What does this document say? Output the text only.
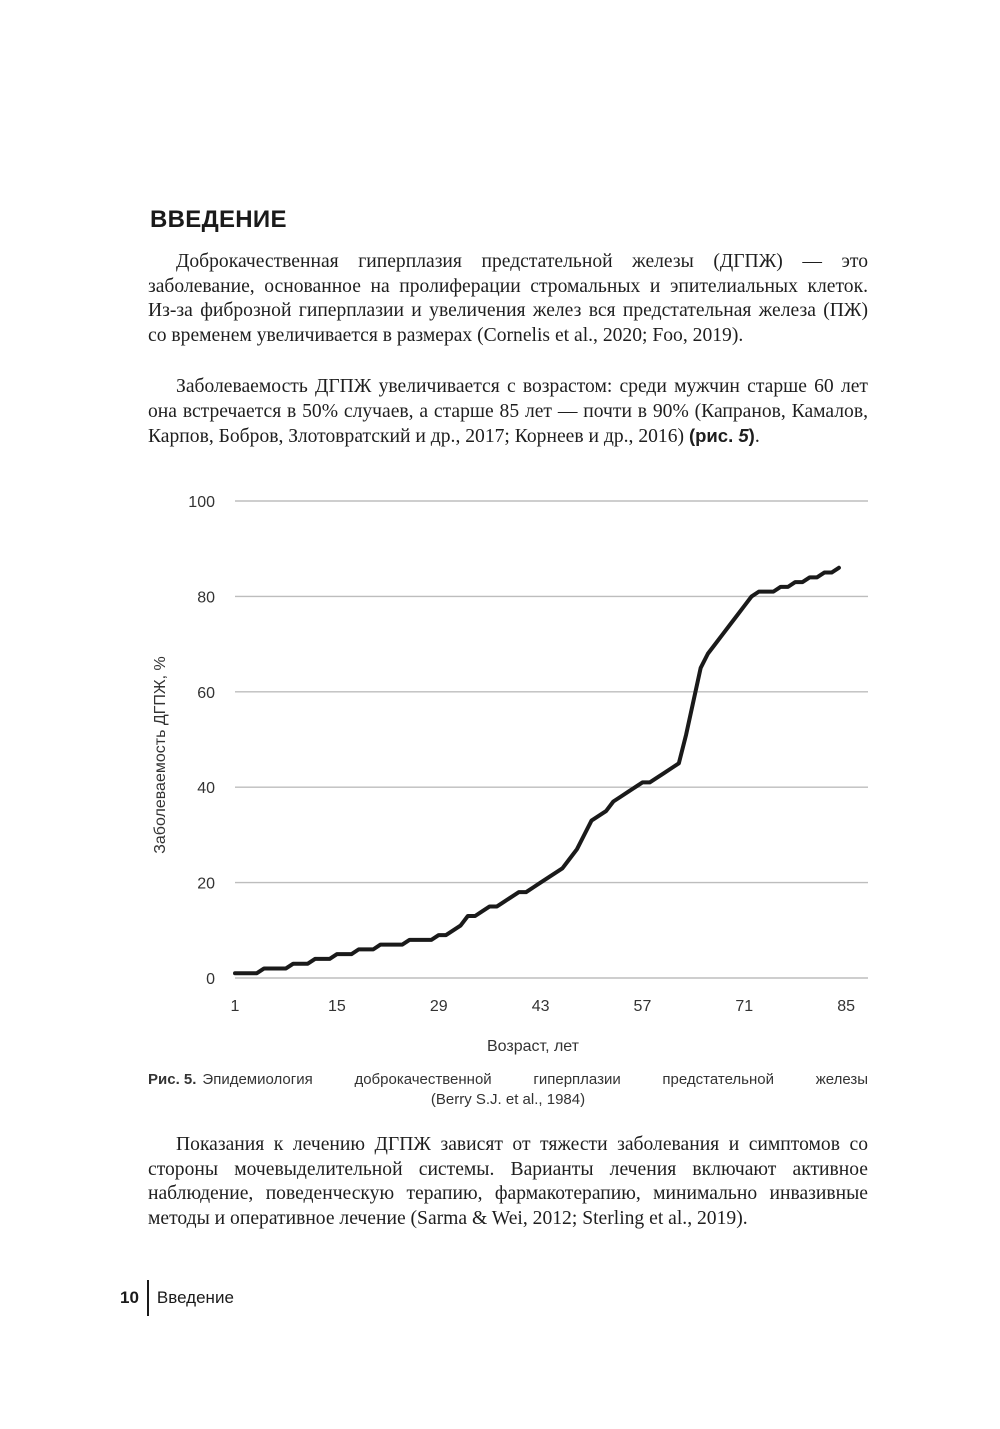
ВВЕДЕНИЕ

Доброкачественная гиперплазия предстательной железы (ДГПЖ) — это заболевание, основанное на пролиферации стромальных и эпителиальных клеток. Из-за фиброзной гиперплазии и увеличения желез вся предстательная железа (ПЖ) со временем увеличивается в размерах (Cornelis et al., 2020; Foo, 2019).

Заболеваемость ДГПЖ увеличивается с возрастом: среди мужчин старше 60 лет она встречается в 50% случаев, а старше 85 лет — почти в 90% (Капранов, Камалов, Карпов, Бобров, Злотовратский и др., 2017; Корнеев и др., 2016) (рис. 5).

0
20
40
60
80
100
1	15	29	43	57	71	85
Заболеваемость ДГПЖ, %
Возраст, лет
Рис. 5. Эпидемиология доброкачественной гиперплазии предстательной железы
(Berry S.J. et al., 1984)

Показания к лечению ДГПЖ зависят от тяжести заболевания и симптомов со стороны мочевыделительной системы. Варианты лечения включают активное наблюдение, поведенческую терапию, фармакотерапию, минимально инвазивные методы и оперативное лечение (Sarma & Wei, 2012; Sterling et al., 2019).

10 Введение
